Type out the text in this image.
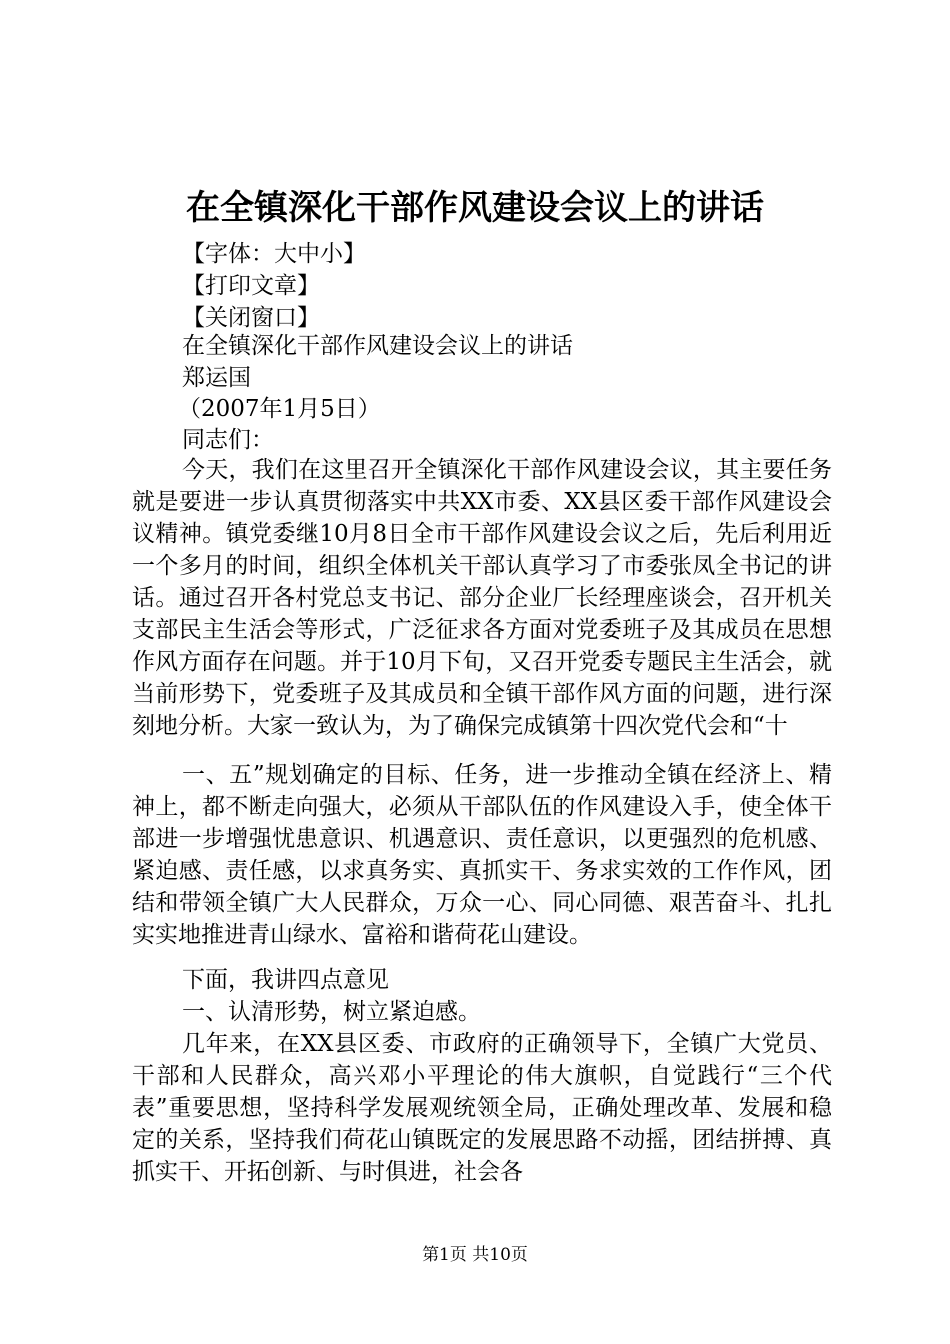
在全镇深化干部作风建设会议上的讲话
【字体：大中小】
【打印文章】
【关闭窗口】
在全镇深化干部作风建设会议上的讲话
郑运国
（2007年1月5日）
同志们：

今天，我们在这里召开全镇深化干部作风建设会议，其主要任务就是要进一步认真贯彻落实中共XX市委、XX县区委干部作风建设会议精神。镇党委继10月8日全市干部作风建设会议之后，先后利用近一个多月的时间，组织全体机关干部认真学习了市委张凤全书记的讲话。通过召开各村党总支书记、部分企业厂长经理座谈会，召开机关支部民主生活会等形式，广泛征求各方面对党委班子及其成员在思想作风方面存在问题。并于10月下旬，又召开党委专题民主生活会，就当前形势下，党委班子及其成员和全镇干部作风方面的问题，进行深刻地分析。大家一致认为，为了确保完成镇第十四次党代会和“十

一、五”规划确定的目标、任务，进一步推动全镇在经济上、精神上，都不断走向强大，必须从干部队伍的作风建设入手，使全体干部进一步增强忧患意识、机遇意识、责任意识，以更强烈的危机感、紧迫感、责任感，以求真务实、真抓实干、务求实效的工作作风，团结和带领全镇广大人民群众，万众一心、同心同德、艰苦奋斗、扎扎实实地推进青山绿水、富裕和谐荷花山建设。

下面，我讲四点意见

一、认清形势，树立紧迫感。

几年来，在XX县区委、市政府的正确领导下，全镇广大党员、干部和人民群众，高兴邓小平理论的伟大旗帜，自觉践行“三个代表”重要思想，坚持科学发展观统领全局，正确处理改革、发展和稳定的关系，坚持我们荷花山镇既定的发展思路不动摇，团结拼搏、真抓实干、开拓创新、与时俱进，社会各

第1页 共10页
